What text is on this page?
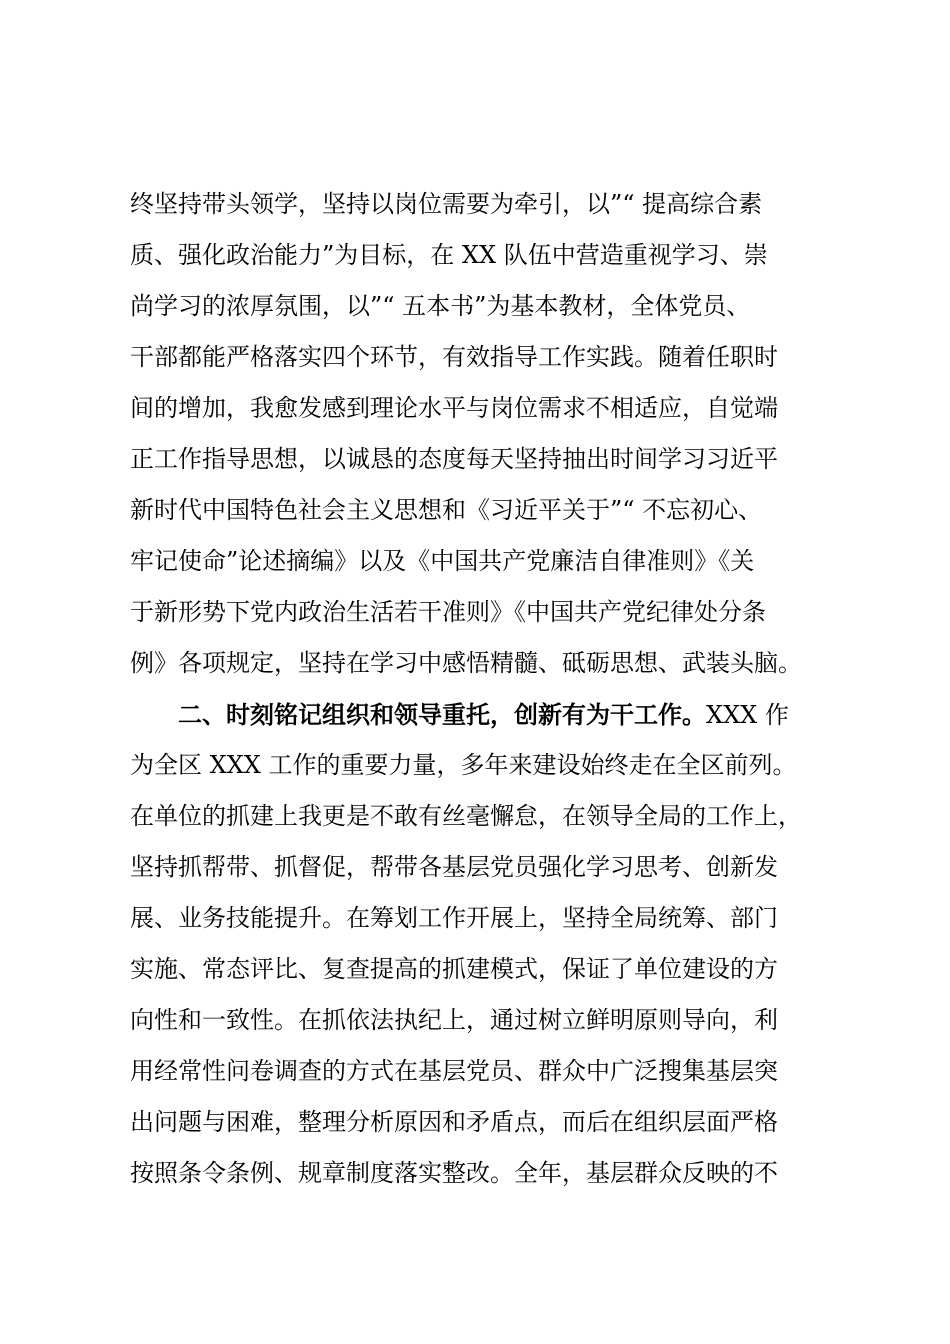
终坚持带头领学，坚持以岗位需要为牵引，以”“ 提高综合素
质、强化政治能力”为目标，在 XX 队伍中营造重视学习、崇
尚学习的浓厚氛围，以”“ 五本书”为基本教材，全体党员、
干部都能严格落实四个环节，有效指导工作实践。随着任职时
间的增加，我愈发感到理论水平与岗位需求不相适应，自觉端
正工作指导思想，以诚恳的态度每天坚持抽出时间学习习近平
新时代中国特色社会主义思想和《习近平关于”“ 不忘初心、
牢记使命”论述摘编》以及《中国共产党廉洁自律准则》《关
于新形势下党内政治生活若干准则》《中国共产党纪律处分条
例》各项规定，坚持在学习中感悟精髓、砥砺思想、武装头脑。
二、时刻铭记组织和领导重托，创新有为干工作。XXX 作
为全区 XXX 工作的重要力量，多年来建设始终走在全区前列。
在单位的抓建上我更是不敢有丝毫懈怠，在领导全局的工作上，
坚持抓帮带、抓督促，帮带各基层党员强化学习思考、创新发
展、业务技能提升。在筹划工作开展上，坚持全局统筹、部门
实施、常态评比、复查提高的抓建模式，保证了单位建设的方
向性和一致性。在抓依法执纪上，通过树立鲜明原则导向，利
用经常性问卷调查的方式在基层党员、群众中广泛搜集基层突
出问题与困难，整理分析原因和矛盾点，而后在组织层面严格
按照条令条例、规章制度落实整改。全年，基层群众反映的不
